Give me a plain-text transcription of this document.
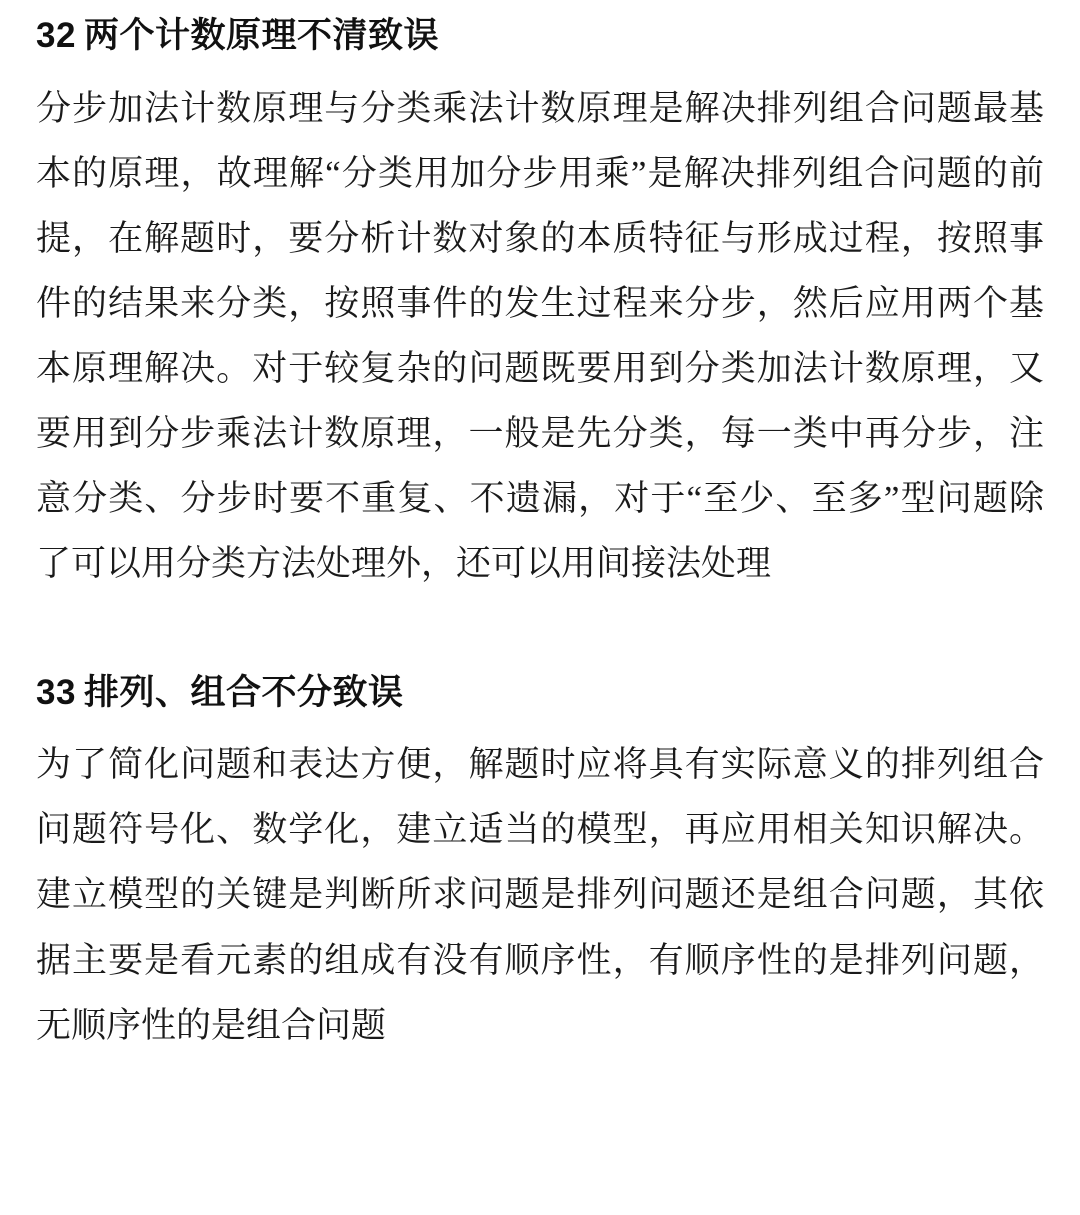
32 两个计数原理不清致误

分步加法计数原理与分类乘法计数原理是解决排列组合问题最基本的原理，故理解“分类用加分步用乘”是解决排列组合问题的前提，在解题时，要分析计数对象的本质特征与形成过程，按照事件的结果来分类，按照事件的发生过程来分步，然后应用两个基本原理解决。对于较复杂的问题既要用到分类加法计数原理，又要用到分步乘法计数原理，一般是先分类，每一类中再分步，注意分类、分步时要不重复、不遗漏，对于“至少、至多”型问题除了可以用分类方法处理外，还可以用间接法处理

33 排列、组合不分致误

为了简化问题和表达方便，解题时应将具有实际意义的排列组合问题符号化、数学化，建立适当的模型，再应用相关知识解决。建立模型的关键是判断所求问题是排列问题还是组合问题，其依据主要是看元素的组成有没有顺序性，有顺序性的是排列问题，无顺序性的是组合问题
